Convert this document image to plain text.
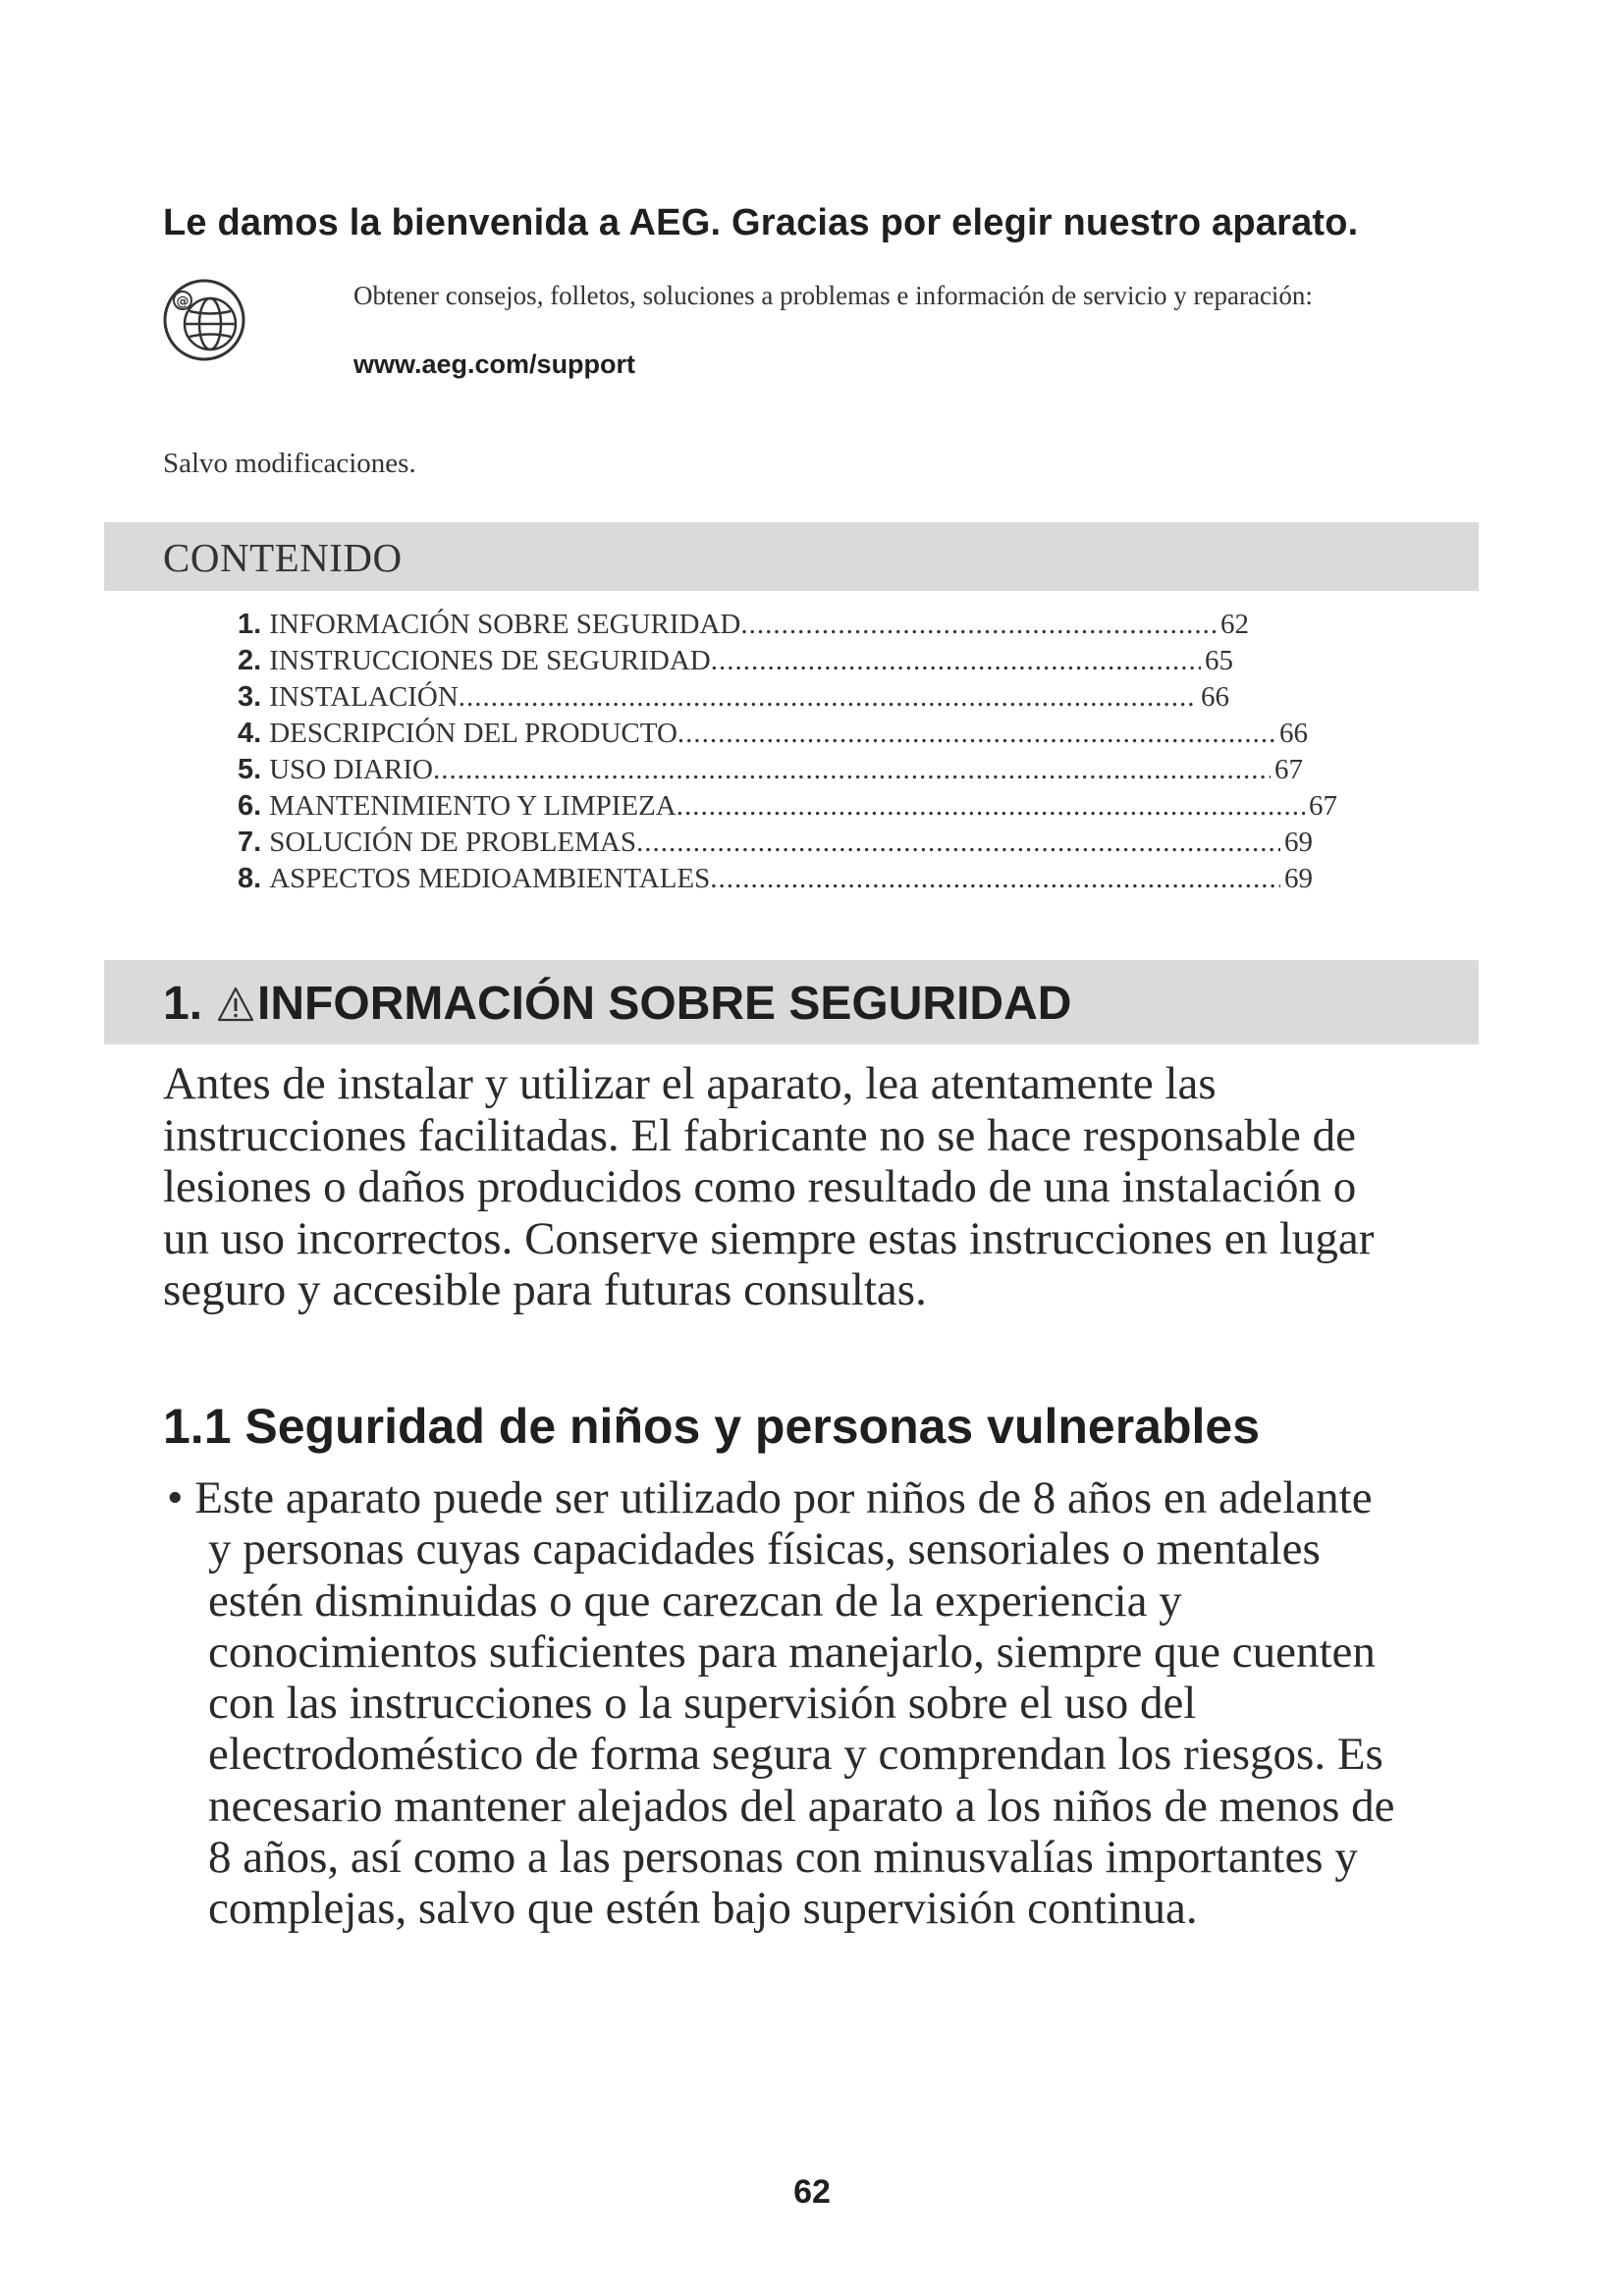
Le damos la bienvenida a AEG. Gracias por elegir nuestro aparato.
@	Obtener consejos, folletos, soluciones a problemas e información de servicio y reparación:
www.aeg.com/support
Salvo modificaciones.
CONTENIDO
1. INFORMACIÓN SOBRE SEGURIDAD .....	62
2. INSTRUCCIONES DE SEGURIDAD .....	65
3. INSTALACIÓN .....	66
4. DESCRIPCIÓN DEL PRODUCTO .....	66
5. USO DIARIO .....	67
6. MANTENIMIENTO Y LIMPIEZA .....	67
7. SOLUCIÓN DE PROBLEMAS .....	69
8. ASPECTOS MEDIOAMBIENTALES .....	69
1. INFORMACIÓN SOBRE SEGURIDAD
Antes de instalar y utilizar el aparato, lea atentamente las instrucciones facilitadas. El fabricante no se hace responsable de lesiones o daños producidos como resultado de una instalación o un uso incorrectos. Conserve siempre estas instrucciones en lugar seguro y accesible para futuras consultas.
1.1 Seguridad de niños y personas vulnerables
• Este aparato puede ser utilizado por niños de 8 años en adelante y personas cuyas capacidades físicas, sensoriales o mentales estén disminuidas o que carezcan de la experiencia y conocimientos suficientes para manejarlo, siempre que cuenten con las instrucciones o la supervisión sobre el uso del electrodoméstico de forma segura y comprendan los riesgos. Es necesario mantener alejados del aparato a los niños de menos de 8 años, así como a las personas con minusvalías importantes y complejas, salvo que estén bajo supervisión continua.
62
